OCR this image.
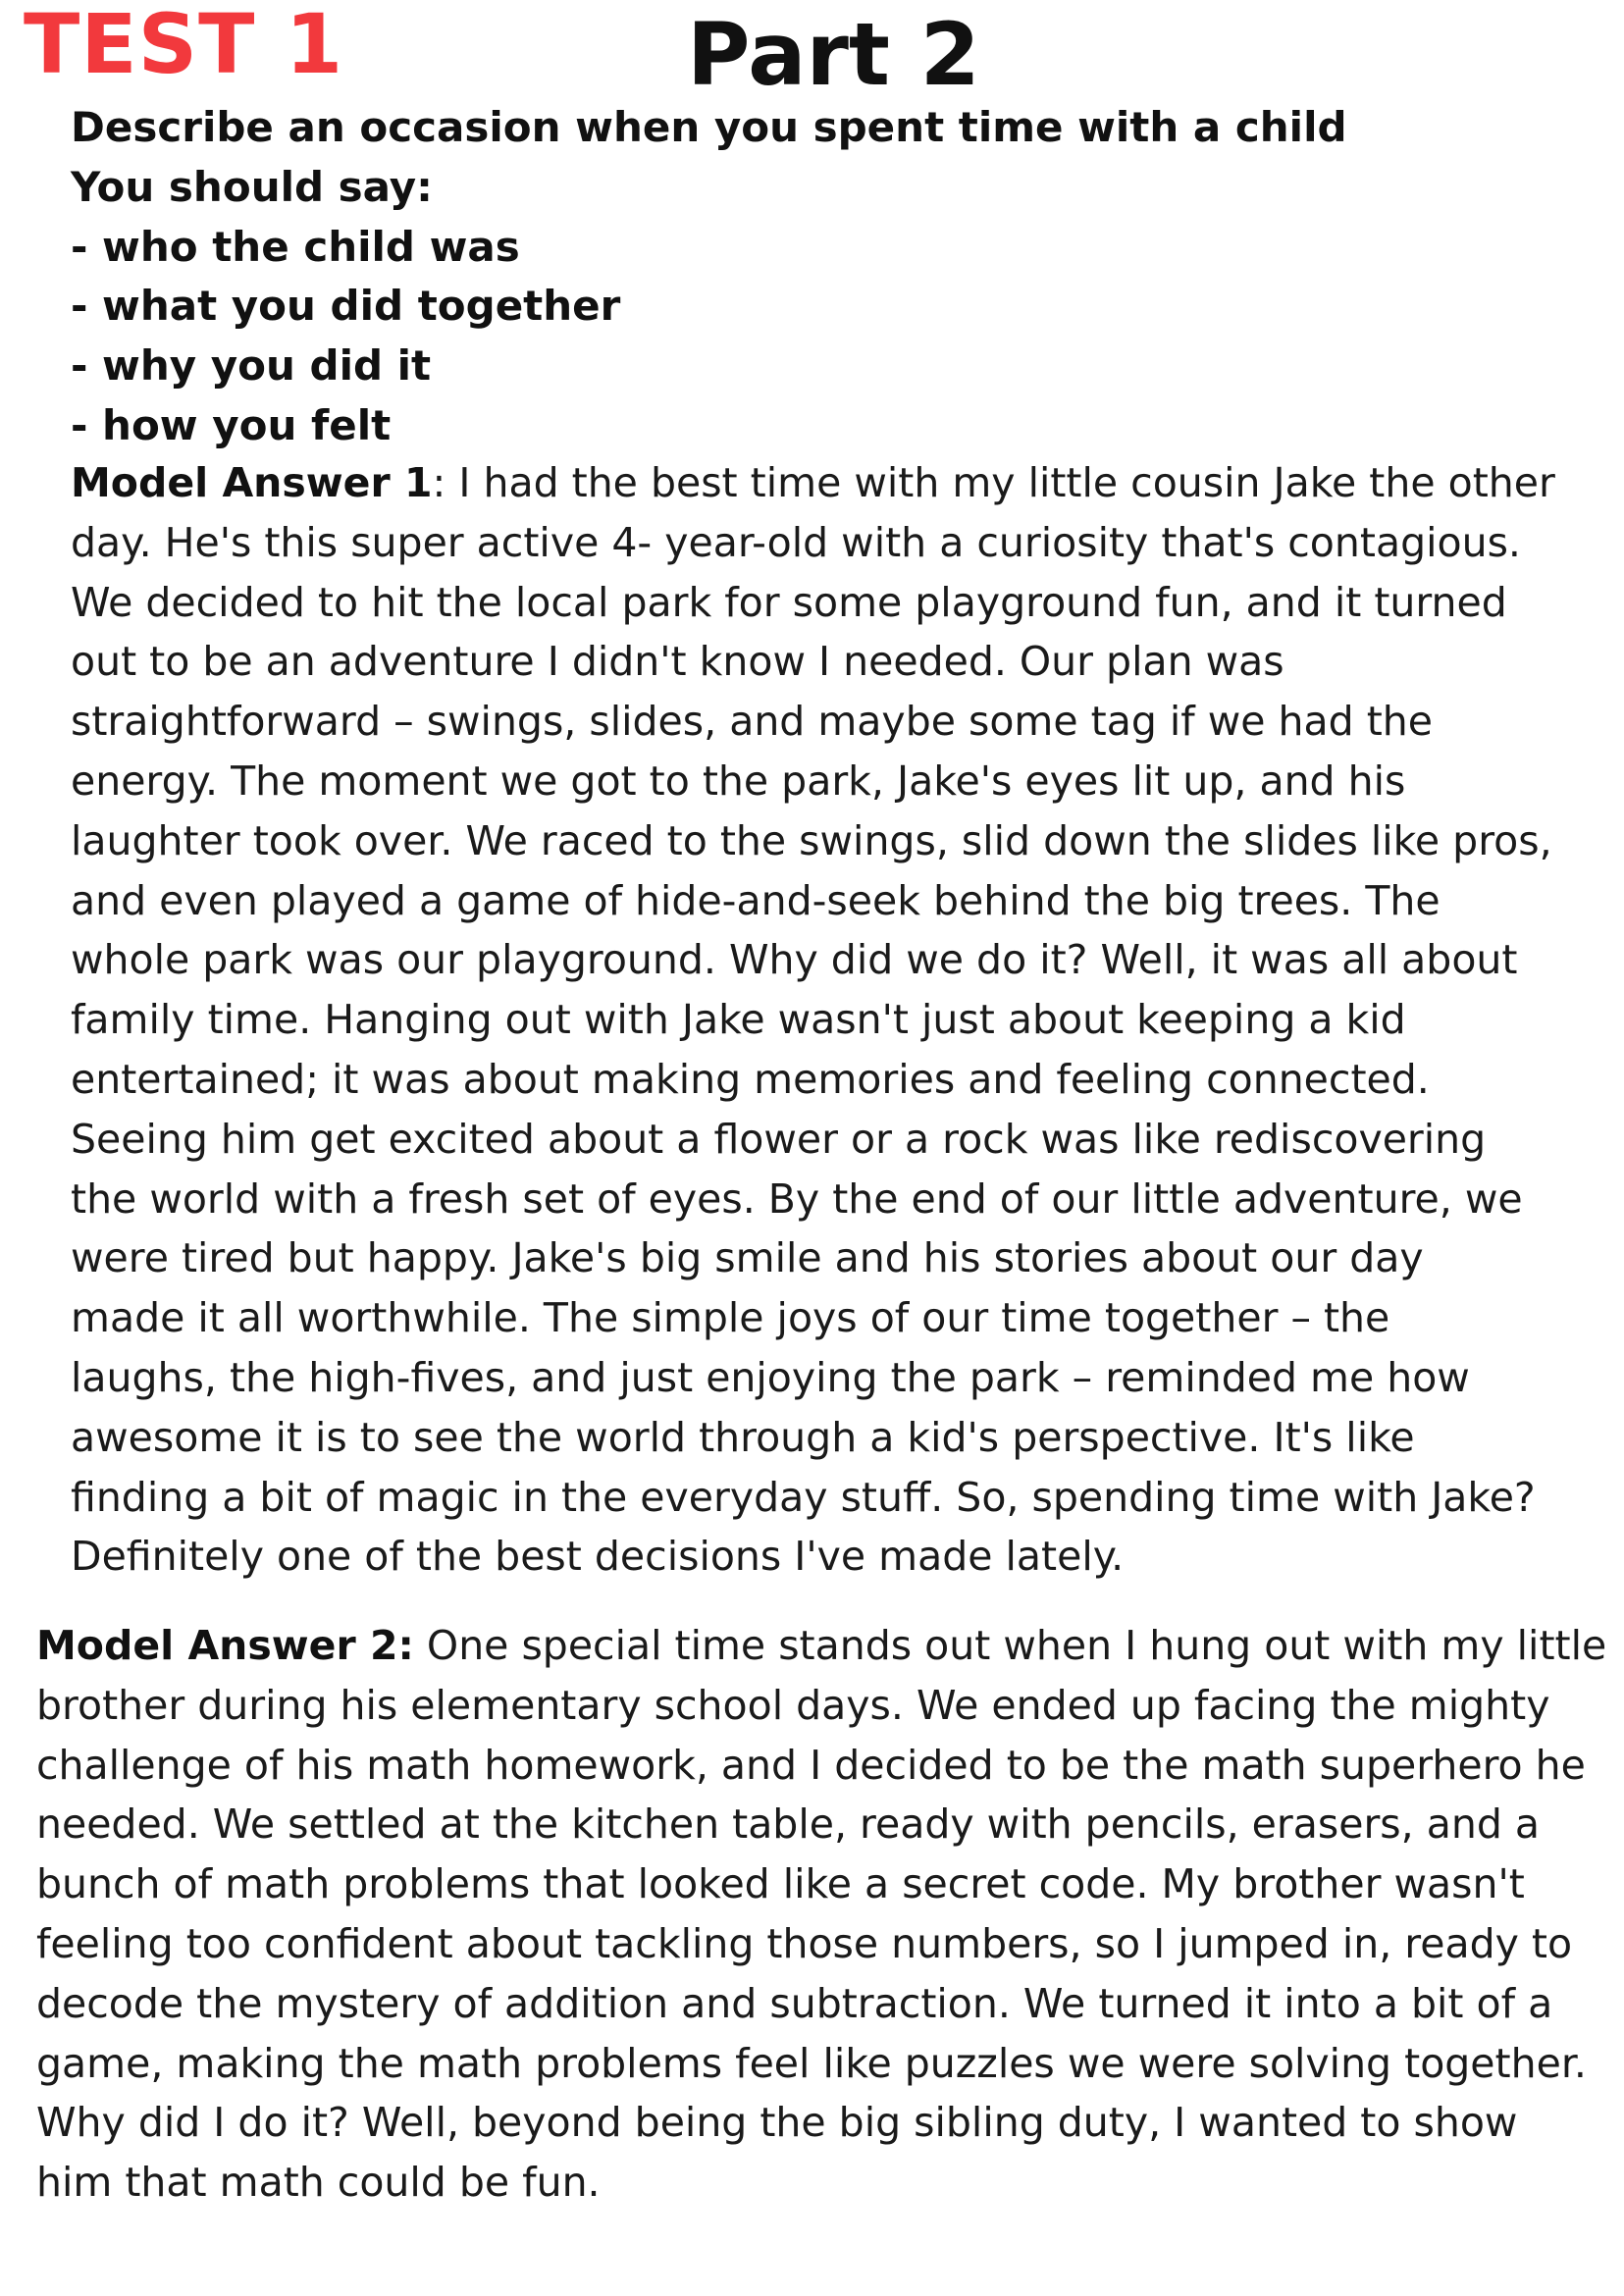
TEST 1	Part 2
Describe an occasion when you spent time with a child
You should say:
- who the child was
- what you did together
- why you did it
- how you felt
Model Answer 1: I had the best time with my little cousin Jake the other
day. He's this super active 4- year-old with a curiosity that's contagious.
We decided to hit the local park for some playground fun, and it turned
out to be an adventure I didn't know I needed. Our plan was
straightforward – swings, slides, and maybe some tag if we had the
energy. The moment we got to the park, Jake's eyes lit up, and his
laughter took over. We raced to the swings, slid down the slides like pros,
and even played a game of hide-and-seek behind the big trees. The
whole park was our playground. Why did we do it? Well, it was all about
family time. Hanging out with Jake wasn't just about keeping a kid
entertained; it was about making memories and feeling connected.
Seeing him get excited about a flower or a rock was like rediscovering
the world with a fresh set of eyes. By the end of our little adventure, we
were tired but happy. Jake's big smile and his stories about our day
made it all worthwhile. The simple joys of our time together – the
laughs, the high-fives, and just enjoying the park – reminded me how
awesome it is to see the world through a kid's perspective. It's like
finding a bit of magic in the everyday stuff. So, spending time with Jake?
Definitely one of the best decisions I've made lately.
Model Answer 2: One special time stands out when I hung out with my little
brother during his elementary school days. We ended up facing the mighty
challenge of his math homework, and I decided to be the math superhero he
needed. We settled at the kitchen table, ready with pencils, erasers, and a
bunch of math problems that looked like a secret code. My brother wasn't
feeling too confident about tackling those numbers, so I jumped in, ready to
decode the mystery of addition and subtraction. We turned it into a bit of a
game, making the math problems feel like puzzles we were solving together.
Why did I do it? Well, beyond being the big sibling duty, I wanted to show
him that math could be fun.
